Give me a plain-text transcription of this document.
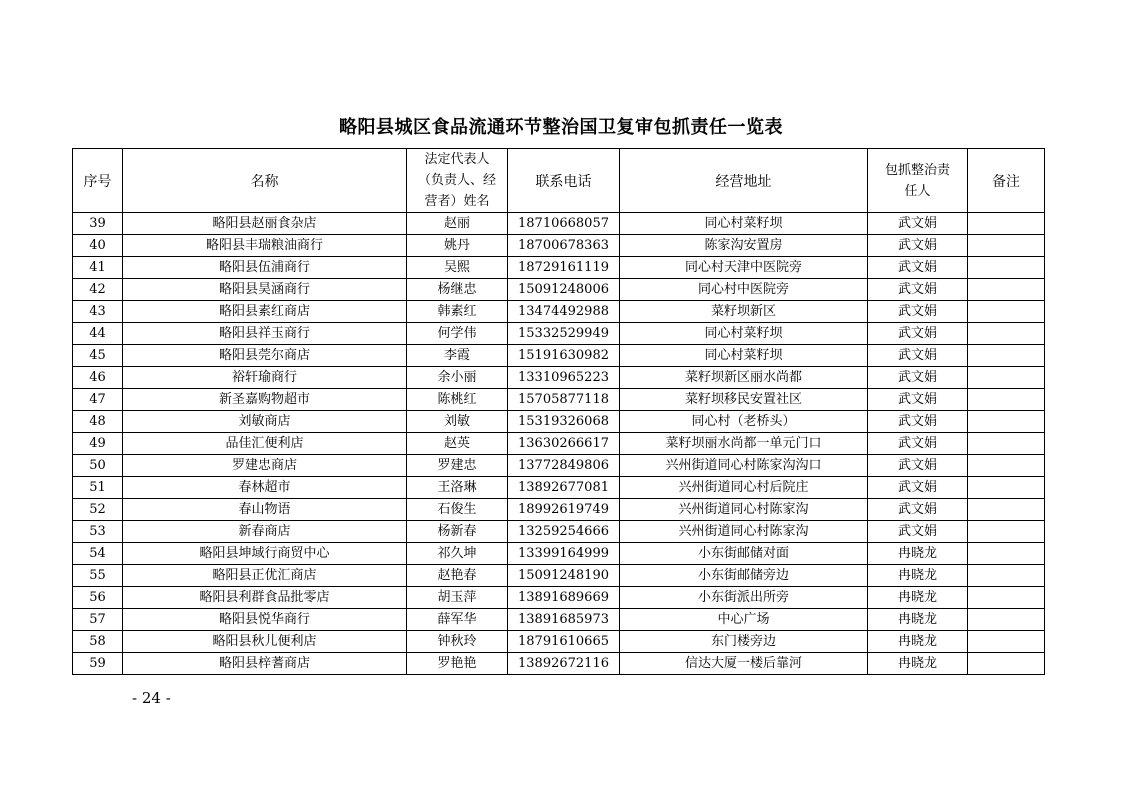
略阳县城区食品流通环节整治国卫复审包抓责任一览表
序号	名称	法定代表人
（负责人、经
营者）姓名	联系电话	经营地址	包抓整治责
任人	备注
39	略阳县赵丽食杂店	赵丽	18710668057	同心村菜籽坝	武文娟	
40	略阳县丰瑞粮油商行	姚丹	18700678363	陈家沟安置房	武文娟	
41	略阳县伍浦商行	吴熙	18729161119	同心村天津中医院旁	武文娟	
42	略阳县昊涵商行	杨继忠	15091248006	同心村中医院旁	武文娟	
43	略阳县素红商店	韩素红	13474492988	菜籽坝新区	武文娟	
44	略阳县祥玉商行	何学伟	15332529949	同心村菜籽坝	武文娟	
45	略阳县莞尔商店	李霞	15191630982	同心村菜籽坝	武文娟	
46	裕轩瑜商行	余小丽	13310965223	菜籽坝新区丽水尚都	武文娟	
47	新圣嘉购物超市	陈桃红	15705877118	菜籽坝移民安置社区	武文娟	
48	刘敏商店	刘敏	15319326068	同心村（老桥头）	武文娟	
49	品佳汇便利店	赵英	13630266617	菜籽坝丽水尚都一单元门口	武文娟	
50	罗建忠商店	罗建忠	13772849806	兴州街道同心村陈家沟沟口	武文娟	
51	春林超市	王洛琳	13892677081	兴州街道同心村后院庄	武文娟	
52	春山物语	石俊生	18992619749	兴州街道同心村陈家沟	武文娟	
53	新春商店	杨新春	13259254666	兴州街道同心村陈家沟	武文娟	
54	略阳县坤域行商贸中心	祁久坤	13399164999	小东街邮储对面	冉晓龙	
55	略阳县正优汇商店	赵艳春	15091248190	小东街邮储旁边	冉晓龙	
56	略阳县利群食品批零店	胡玉萍	13891689669	小东街派出所旁	冉晓龙	
57	略阳县悦华商行	薛军华	13891685973	中心广场	冉晓龙	
58	略阳县秋儿便利店	钟秋玲	18791610665	东门楼旁边	冉晓龙	
59	略阳县梓蓍商店	罗艳艳	13892672116	信达大厦一楼后靠河	冉晓龙	
- 24 -
